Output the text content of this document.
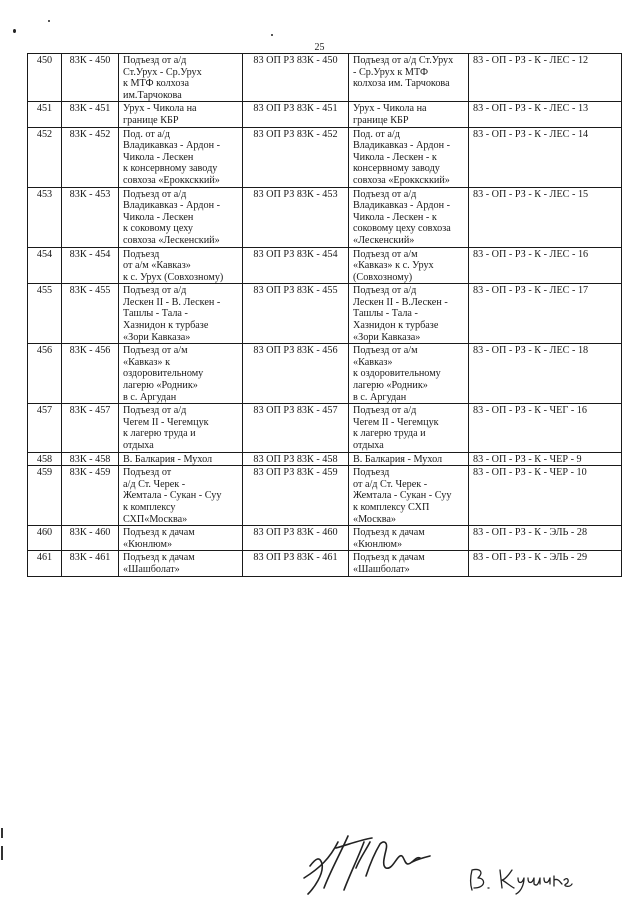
25
450	83К - 450	Подъезд от а/д
Ст.Урух - Ср.Урух
к МТФ колхоза
им.Тарчокова	83 ОП РЗ 83К - 450	Подъезд от а/д Ст.Урух
- Ср.Урух к МТФ
колхоза им. Тарчокова	83 - ОП - РЗ - К - ЛЕС - 12
451	83К - 451	Урух - Чикола на
границе КБР	83 ОП РЗ 83К - 451	Урух - Чикола на
границе КБР	83 - ОП - РЗ - К - ЛЕС - 13
452	83К - 452	Под. от а/д
Владикавказ - Ардон -
Чикола - Лескен
к консервному заводу
совхоза «Ерокксккий»	83 ОП РЗ 83К - 452	Под. от а/д
Владикавказ - Ардон -
Чикола - Лескен - к
консервному заводу
совхоза «Ерокксккий»	83 - ОП - РЗ - К - ЛЕС - 14
453	83К - 453	Подъезд от а/д
Владикавказ - Ардон -
Чикола - Лескен
к соковому цеху
совхоза «Лескенский»	83 ОП РЗ 83К - 453	Подъезд от а/д
Владикавказ - Ардон -
Чикола - Лескен - к
соковому цеху совхоза
«Лескенский»	83 - ОП - РЗ - К - ЛЕС - 15
454	83К - 454	Подъезд
от а/м «Кавказ»
к с. Урух (Совхозному)	83 ОП РЗ 83К - 454	Подъезд от а/м
«Кавказ» к с. Урух
(Совхозному)	83 - ОП - РЗ - К - ЛЕС - 16
455	83К - 455	Подъезд от а/д
Лескен II - В. Лескен -
Ташлы - Тала -
Хазнидон к турбазе
«Зори Кавказа»	83 ОП РЗ 83К - 455	Подъезд от а/д
Лескен II - В.Лескен -
Ташлы - Тала -
Хазнидон к турбазе
«Зори Кавказа»	83 - ОП - РЗ - К - ЛЕС - 17
456	83К - 456	Подъезд от а/м
«Кавказ» к
оздоровительному
лагерю «Родник»
в с. Аргудан	83 ОП РЗ 83К - 456	Подъезд от а/м
«Кавказ»
к оздоровительному
лагерю «Родник»
в с. Аргудан	83 - ОП - РЗ - К - ЛЕС - 18
457	83К - 457	Подъезд от а/д
Чегем II - Чегемцук
к лагерю труда и
отдыха	83 ОП РЗ 83К - 457	Подъезд от а/д
Чегем II - Чегемцук
к лагерю труда и
отдыха	83 - ОП - РЗ - К - ЧЕГ - 16
458	83К - 458	В. Балкария - Мухол	83 ОП РЗ 83К - 458	В. Балкария - Мухол	83 - ОП - РЗ - К - ЧЕР - 9
459	83К - 459	Подъезд от
а/д Ст. Черек -
Жемтала - Сукан - Суу
к комплексу
СХП«Москва»	83 ОП РЗ 83К - 459	Подъезд
от а/д Ст. Черек -
Жемтала - Сукан - Суу
к комплексу СХП
«Москва»	83 - ОП - РЗ - К - ЧЕР - 10
460	83К - 460	Подъезд к дачам
«Кюнлюм»	83 ОП РЗ 83К - 460	Подъезд к дачам
«Кюнлюм»	83 - ОП - РЗ - К - ЭЛЬ - 28
461	83К - 461	Подъезд к дачам
«Шашболат»	83 ОП РЗ 83К - 461	Подъезд к дачам
«Шашболат»	83 - ОП - РЗ - К - ЭЛЬ - 29
